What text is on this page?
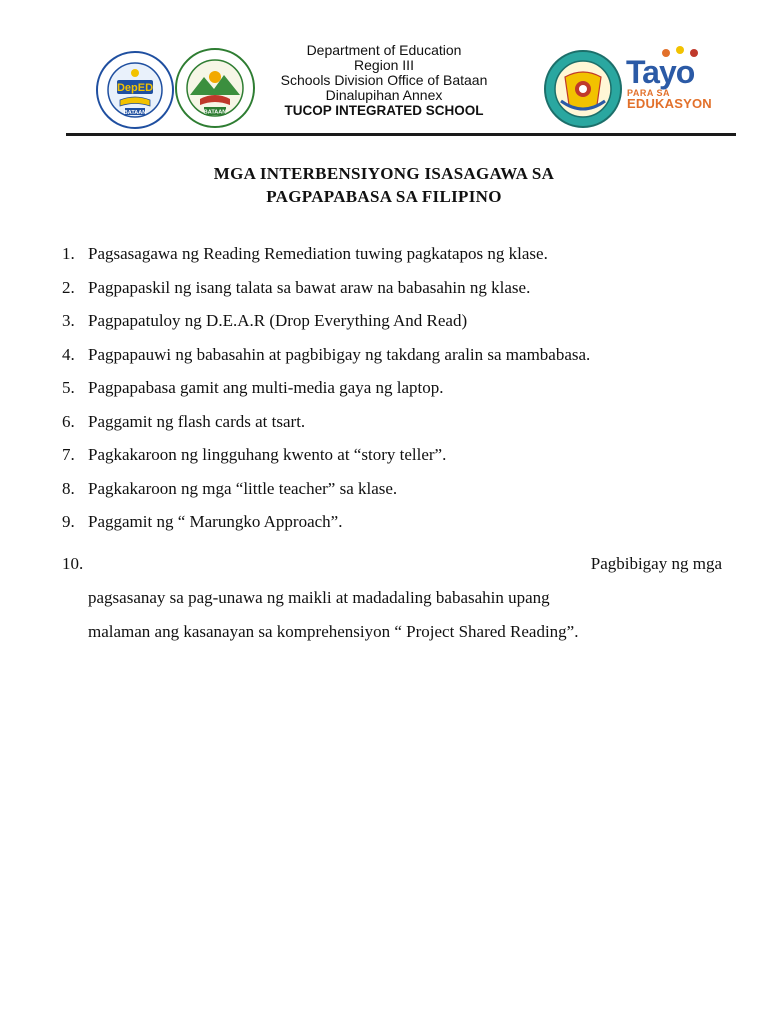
DepED
BATAAN	BATAAN
Department of Education
Region III
Schools Division Office of Bataan
Dinalupihan Annex
TUCOP INTEGRATED SCHOOL
Tayo
PARA SA
EDUKASYON
MGA INTERBENSIYONG ISASAGAWA SA
PAGPAPABASA SA FILIPINO
1. Pagsasagawa ng Reading Remediation tuwing pagkatapos ng klase.
2. Pagpapaskil ng isang talata sa bawat araw na babasahin ng klase.
3. Pagpapatuloy ng D.E.A.R (Drop Everything And Read)
4. Pagpapauwi ng babasahin at pagbibigay ng takdang aralin sa mambabasa.
5. Pagpapabasa gamit ang multi-media gaya ng laptop.
6. Paggamit ng flash cards at tsart.
7. Pagkakaroon ng lingguhang kwento at “story teller”.
8. Pagkakaroon ng mga “little teacher” sa klase.
9. Paggamit ng “ Marungko Approach”.
10.	Pagbibigay ng mga
pagsasanay sa pag-unawa ng maikli at madadaling babasahin upang
malaman ang kasanayan sa komprehensiyon “ Project Shared Reading”.
